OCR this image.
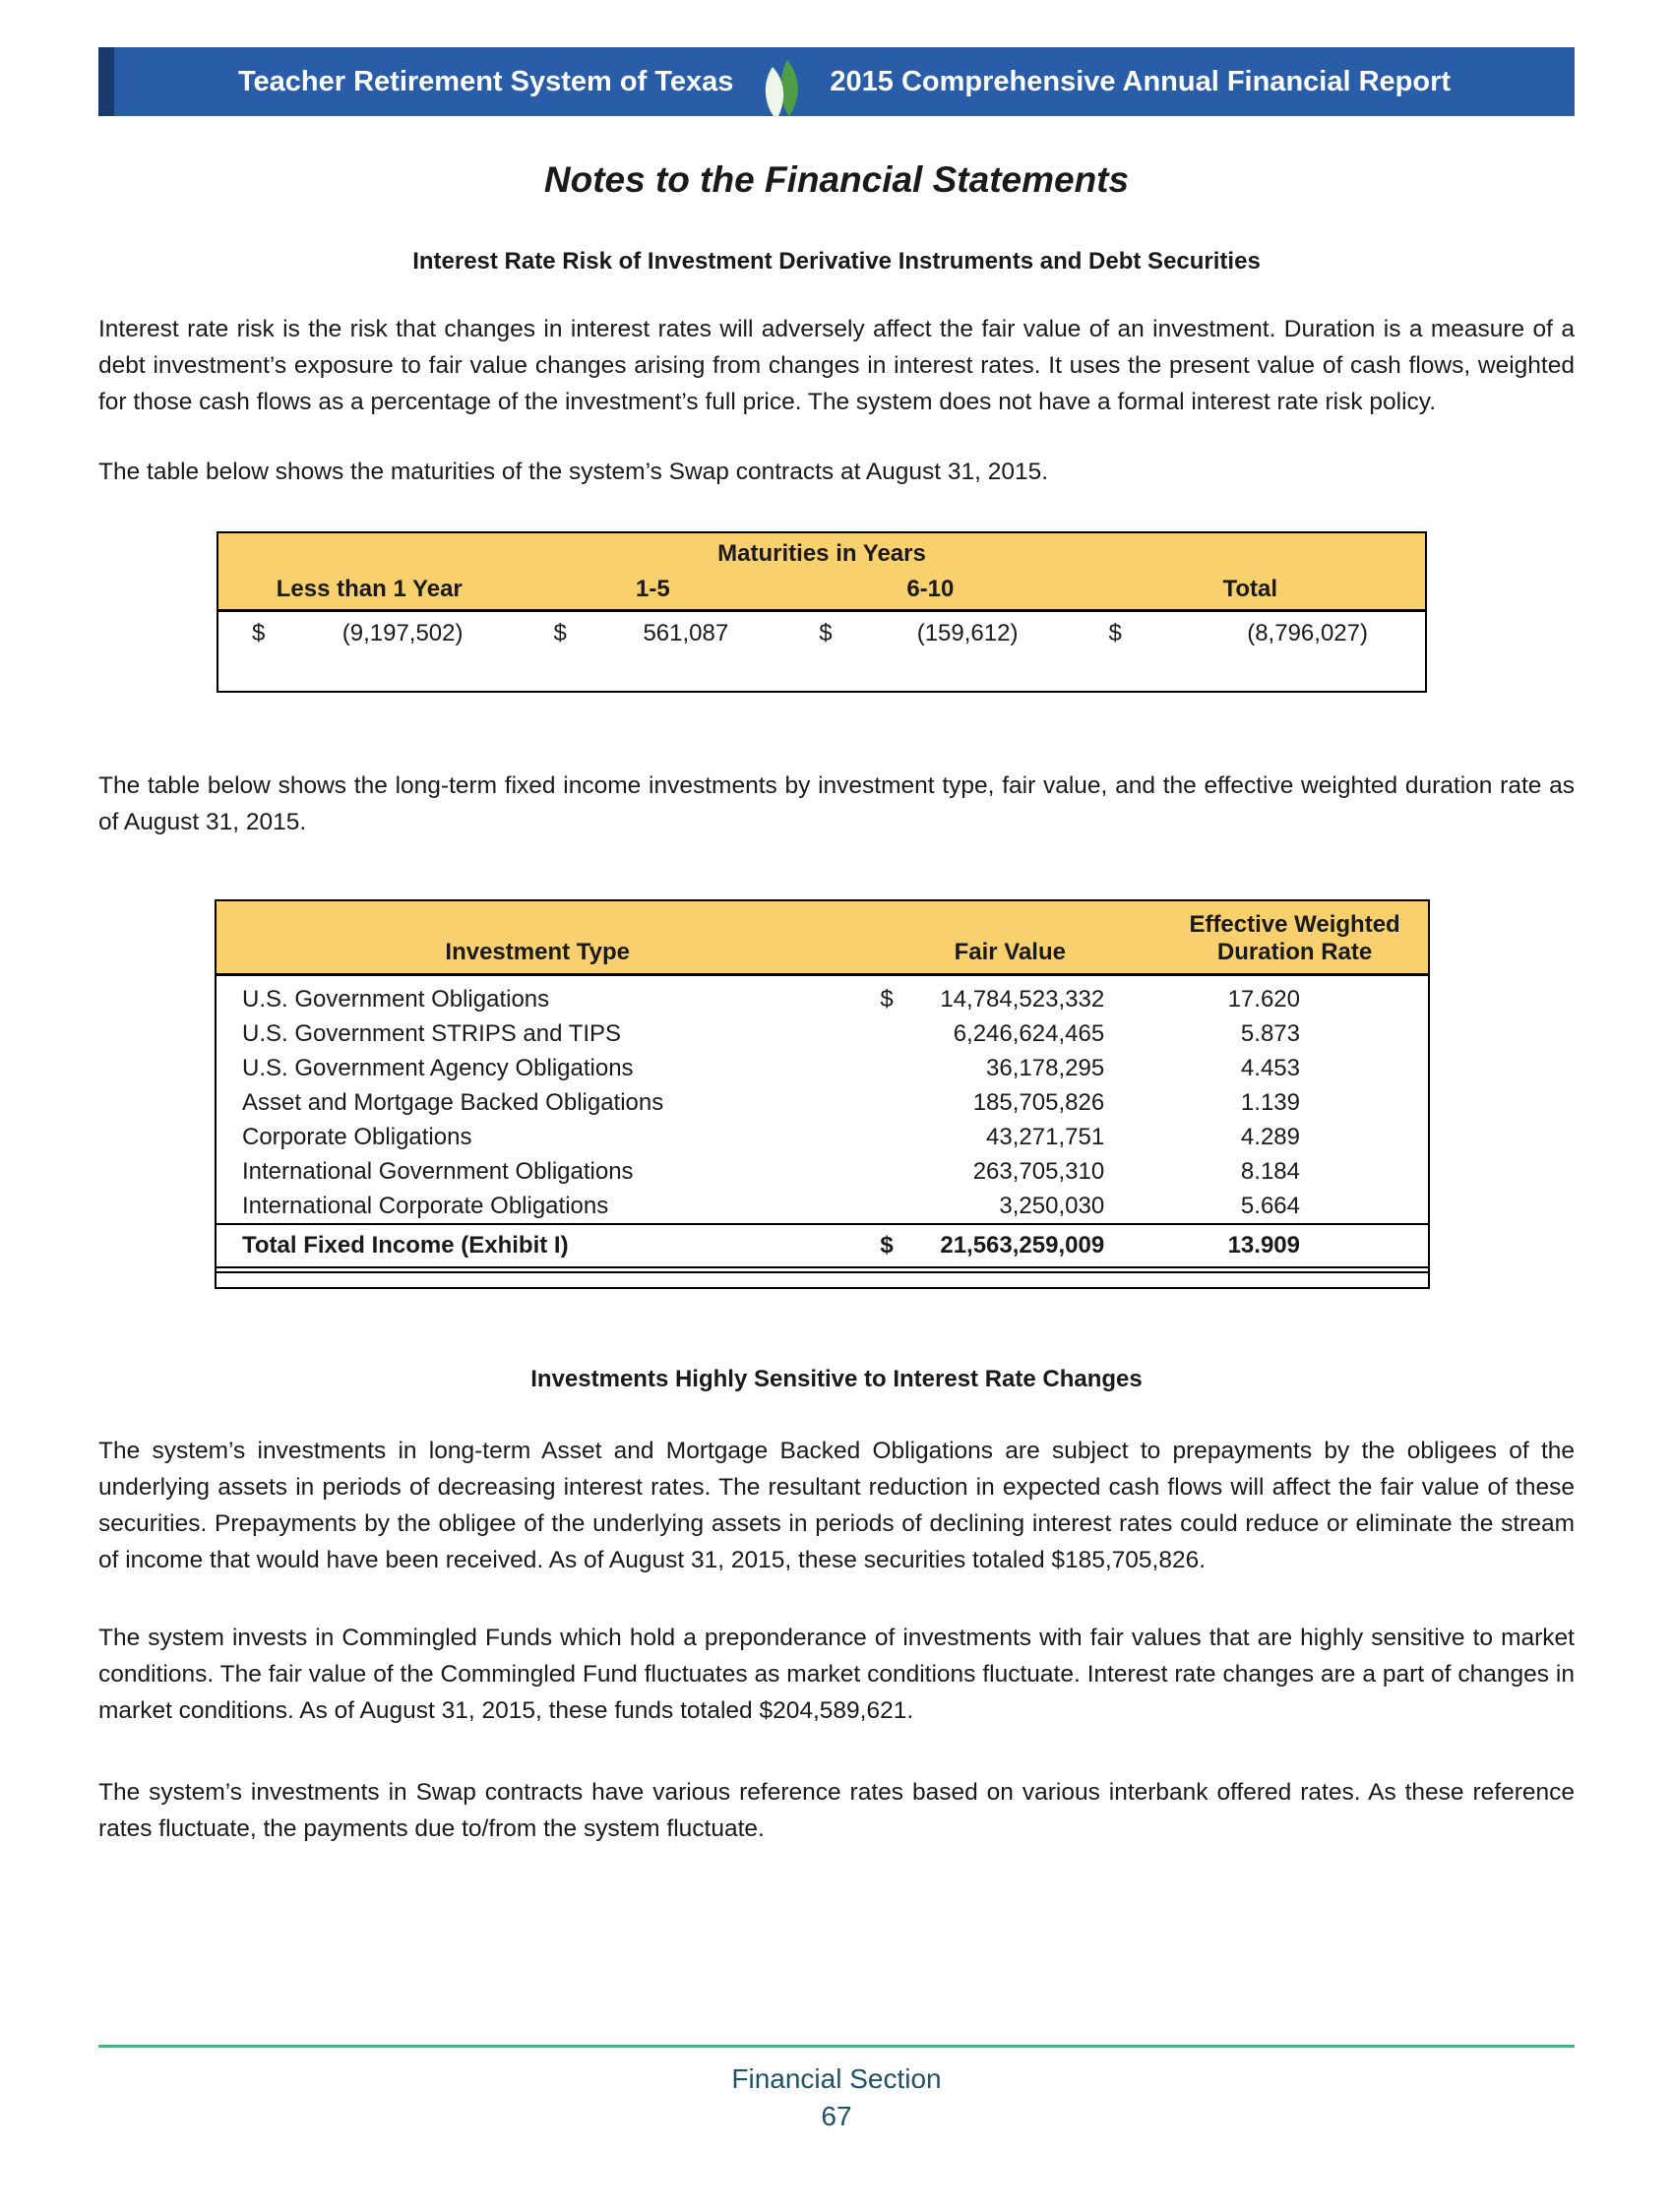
Teacher Retirement System of Texas	2015 Comprehensive Annual Financial Report
Notes to the Financial Statements
Interest Rate Risk of Investment Derivative Instruments and Debt Securities

Interest rate risk is the risk that changes in interest rates will adversely affect the fair value of an investment. Duration is a measure of a debt investment’s exposure to fair value changes arising from changes in interest rates. It uses the present value of cash flows, weighted for those cash flows as a percentage of the investment’s full price. The system does not have a formal interest rate risk policy.

The table below shows the maturities of the system’s Swap contracts at August 31, 2015.

Maturities in Years
Less than 1 Year	1-5	6-10	Total
$	(9,197,502)	$	561,087	$	(159,612)	$	(8,796,027)

The table below shows the long-term fixed income investments by investment type, fair value, and the effective weighted duration rate as of August 31, 2015.

Investment Type	Fair Value
Effective Weighted
Duration Rate
U.S. Government Obligations	$ 14,784,523,332	17.620
U.S. Government STRIPS and TIPS	6,246,624,465	5.873
U.S. Government Agency Obligations	36,178,295	4.453
Asset and Mortgage Backed Obligations	185,705,826	1.139
Corporate Obligations	43,271,751	4.289
International Government Obligations	263,705,310	8.184
International Corporate Obligations	3,250,030	5.664
Total Fixed Income (Exhibit I)	$ 21,563,259,009	13.909
Investments Highly Sensitive to Interest Rate Changes

The system’s investments in long-term Asset and Mortgage Backed Obligations are subject to prepayments by the obligees of the underlying assets in periods of decreasing interest rates. The resultant reduction in expected cash flows will affect the fair value of these securities. Prepayments by the obligee of the underlying assets in periods of declining interest rates could reduce or eliminate the stream of income that would have been received. As of August 31, 2015, these securities totaled $185,705,826.

The system invests in Commingled Funds which hold a preponderance of investments with fair values that are highly sensitive to market conditions. The fair value of the Commingled Fund fluctuates as market conditions fluctuate. Interest rate changes are a part of changes in market conditions. As of August 31, 2015, these funds totaled $204,589,621.

The system’s investments in Swap contracts have various reference rates based on various interbank offered rates. As these reference rates fluctuate, the payments due to/from the system fluctuate.

Financial Section
67
